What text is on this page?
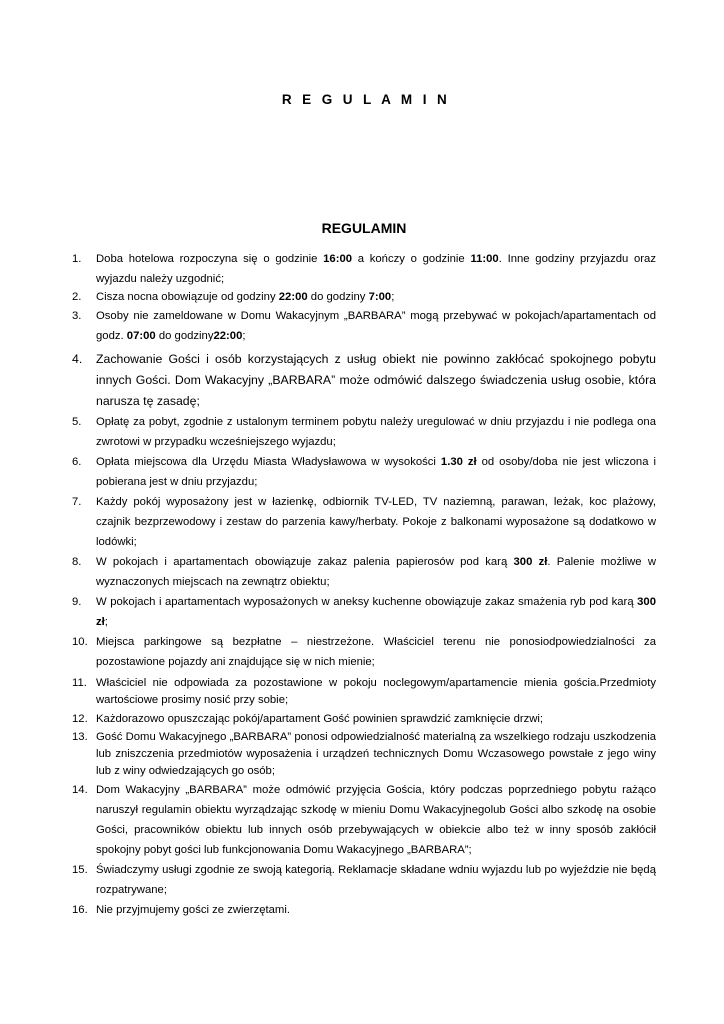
R E G U L A M I N
REGULAMIN
1.	Doba hotelowa rozpoczyna się o godzinie 16:00 a kończy o godzinie 11:00. Inne godziny przyjazdu oraz wyjazdu należy uzgodnić;
2.	Cisza nocna obowiązuje od godziny 22:00 do godziny 7:00;
3.	Osoby nie zameldowane w Domu Wakacyjnym „BARBARA” mogą przebywać w pokojach/apartamentach od godz. 07:00 do godziny22:00;
4.	Zachowanie Gości i osób korzystających z usług obiekt nie powinno zakłócać spokojnego pobytu innych Gości. Dom Wakacyjny „BARBARA” może odmówić dalszego świadczenia usług osobie, która narusza tę zasadę;
5.	Opłatę za pobyt, zgodnie z ustalonym terminem pobytu należy uregulować w dniu przyjazdu i nie podlega ona zwrotowi w przypadku wcześniejszego wyjazdu;
6.	Opłata miejscowa dla Urzędu Miasta Władysławowa w wysokości 1.30 zł od osoby/doba nie jest wliczona i pobierana jest w dniu przyjazdu;
7.	Każdy pokój wyposażony jest w łazienkę, odbiornik TV-LED, TV naziemną, parawan, leżak, koc plażowy, czajnik bezprzewodowy i zestaw do parzenia kawy/herbaty. Pokoje z balkonami wyposażone są dodatkowo w lodówki;
8.	W pokojach i apartamentach obowiązuje zakaz palenia papierosów pod karą 300 zł. Palenie możliwe w wyznaczonych miejscach na zewnątrz obiektu;
9.	W pokojach i apartamentach wyposażonych w aneksy kuchenne obowiązuje zakaz smażenia ryb pod karą 300 zł;
10. Miejsca parkingowe są bezpłatne – niestrzeżone. Właściciel terenu nie ponosiodpowiedzialności za pozostawione pojazdy ani znajdujące się w nich mienie;
11. Właściciel nie odpowiada za pozostawione w pokoju noclegowym/apartamencie mienia gościa.Przedmioty wartościowe prosimy nosić przy sobie;
12. Każdorazowo opuszczając pokój/apartament Gość powinien sprawdzić zamknięcie drzwi;
13. Gość Domu Wakacyjnego „BARBARA” ponosi odpowiedzialność materialną za wszelkiego rodzaju uszkodzenia lub zniszczenia przedmiotów wyposażenia i urządzeń technicznych Domu Wczasowego powstałe z jego winy lub z winy odwiedzających go osób;
14. Dom Wakacyjny „BARBARA” może odmówić przyjęcia Gościa, który podczas poprzedniego pobytu rażąco naruszył regulamin obiektu wyrządzając szkodę w mieniu Domu Wakacyjnegolub Gości albo szkodę na osobie Gości, pracowników obiektu lub innych osób przebywających w obiekcie albo też w inny sposób zakłócił spokojny pobyt gości lub funkcjonowania Domu Wakacyjnego „BARBARA”;
15. Świadczymy usługi zgodnie ze swoją kategorią. Reklamacje składane wdniu wyjazdu lub po wyjeździe nie będą rozpatrywane;
16. Nie przyjmujemy gości ze zwierzętami.
